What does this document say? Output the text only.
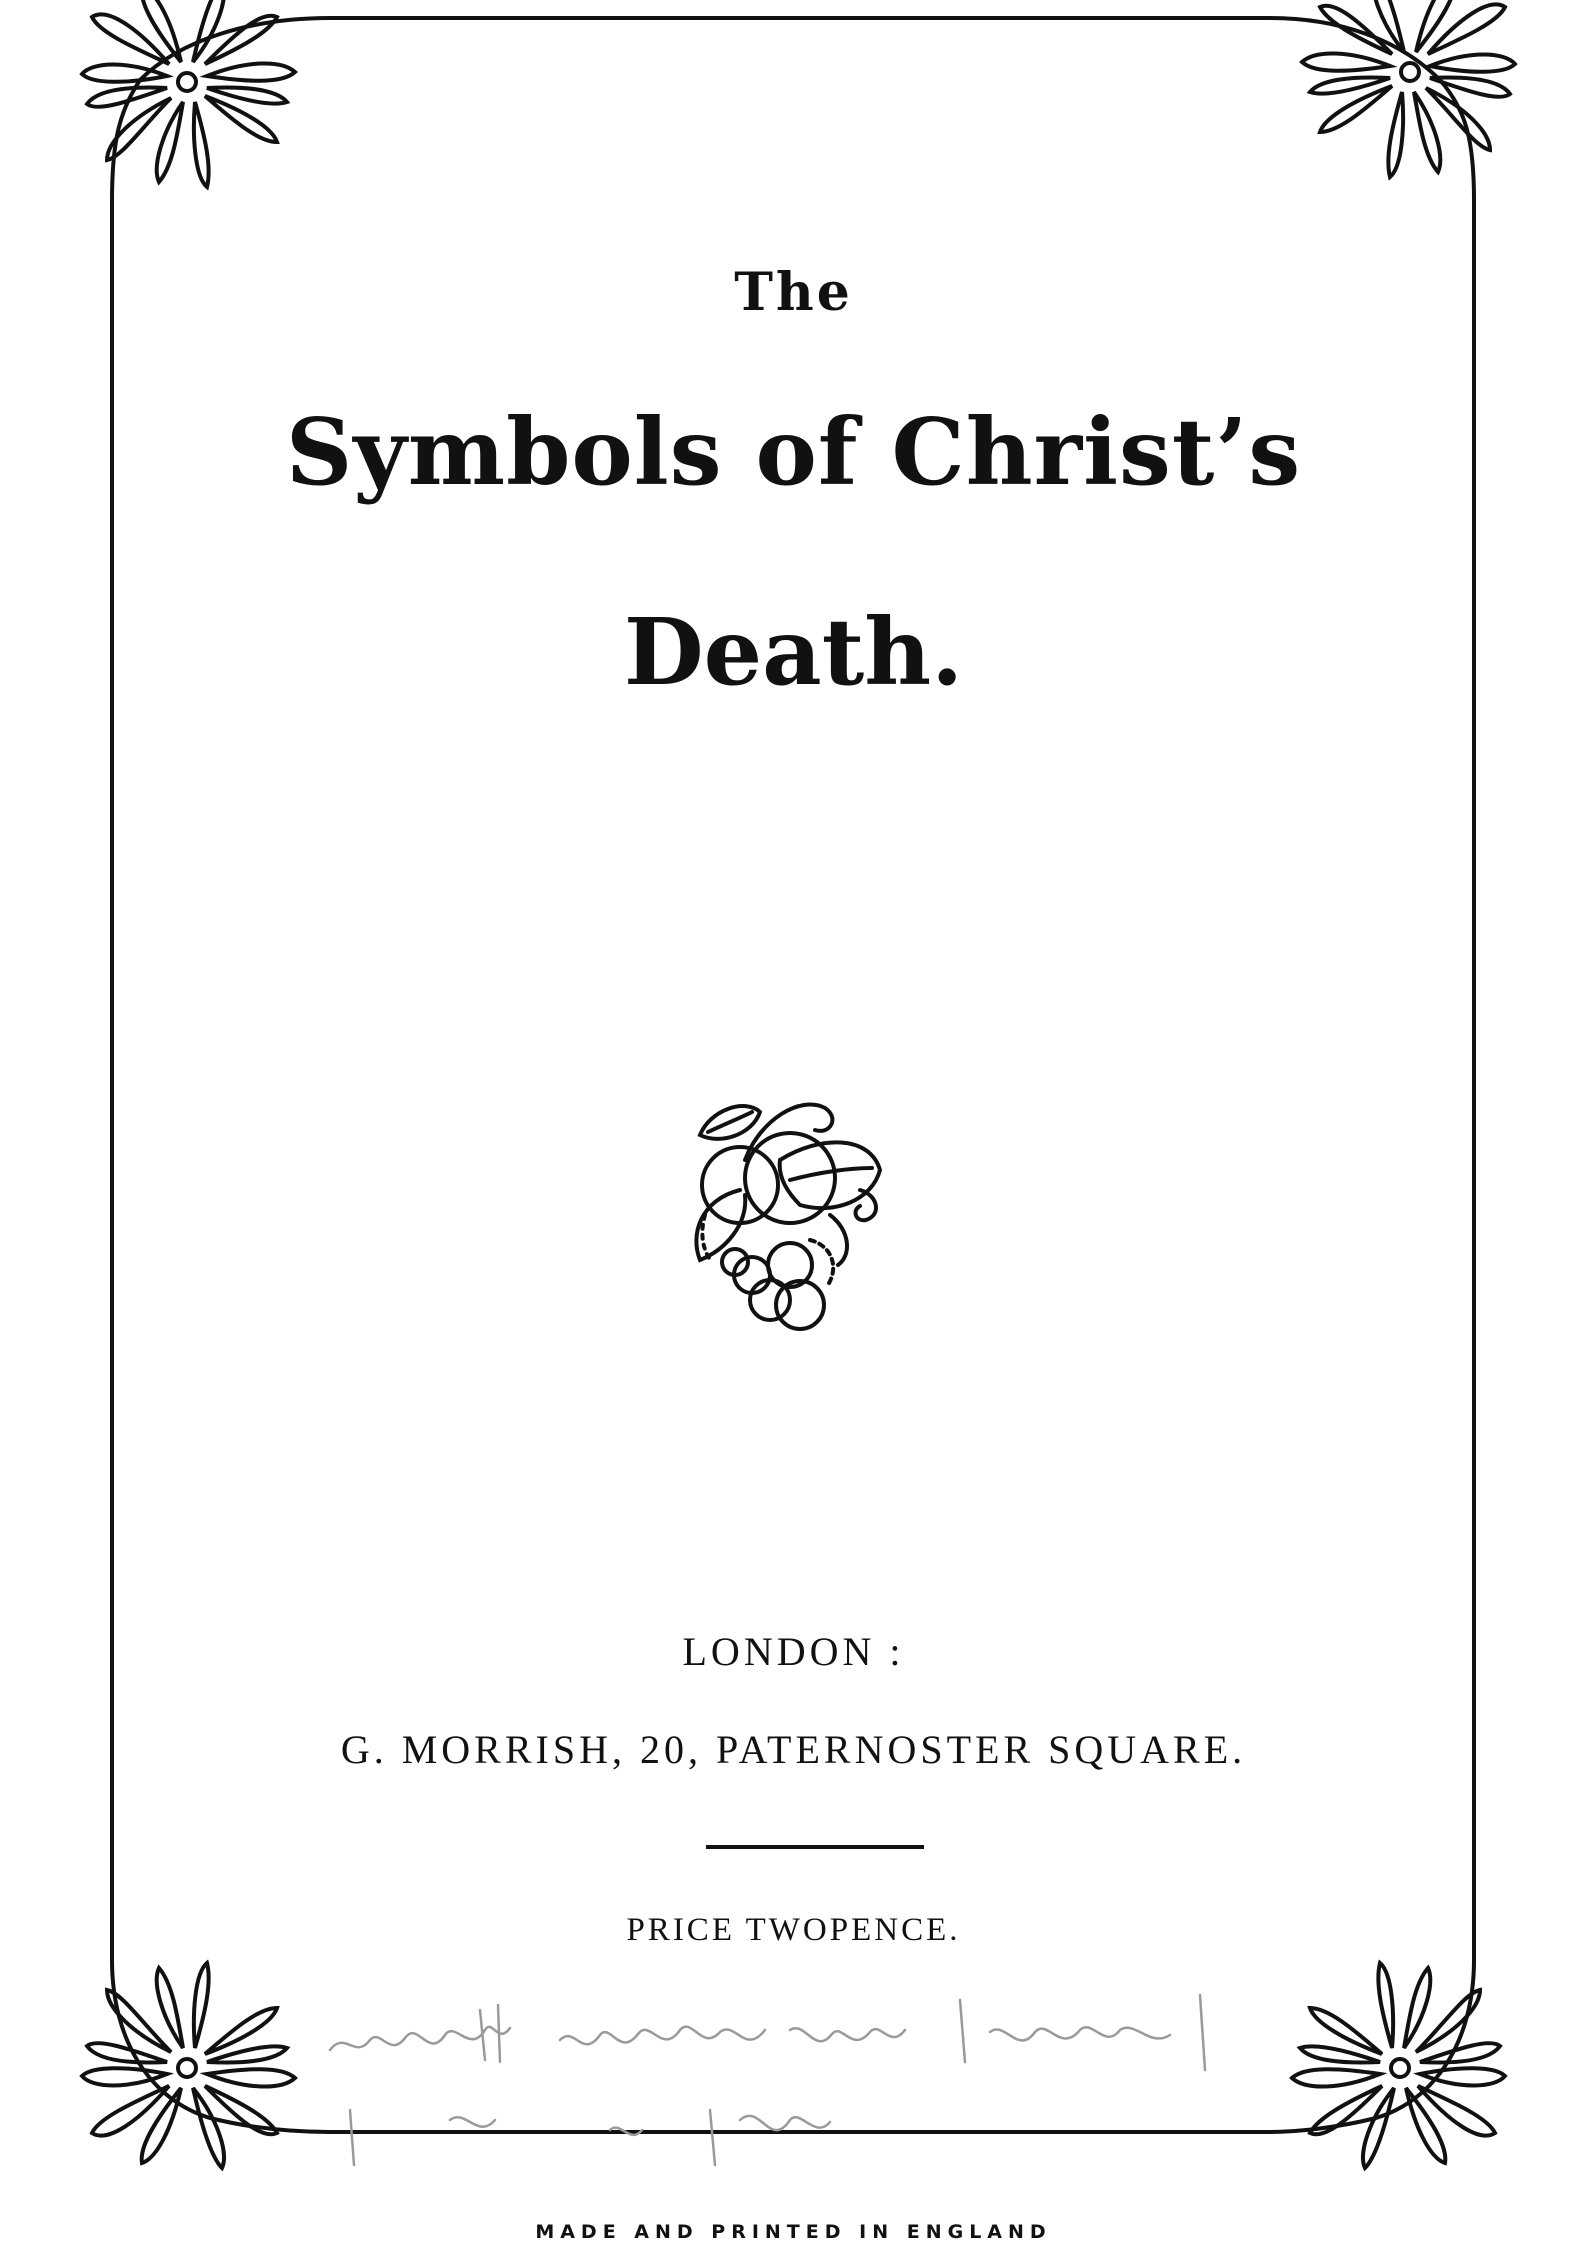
The

Symbols of Christ’s

Death.

LONDON :

G. MORRISH, 20, PATERNOSTER SQUARE.

PRICE TWOPENCE.

MADE AND PRINTED IN ENGLAND
